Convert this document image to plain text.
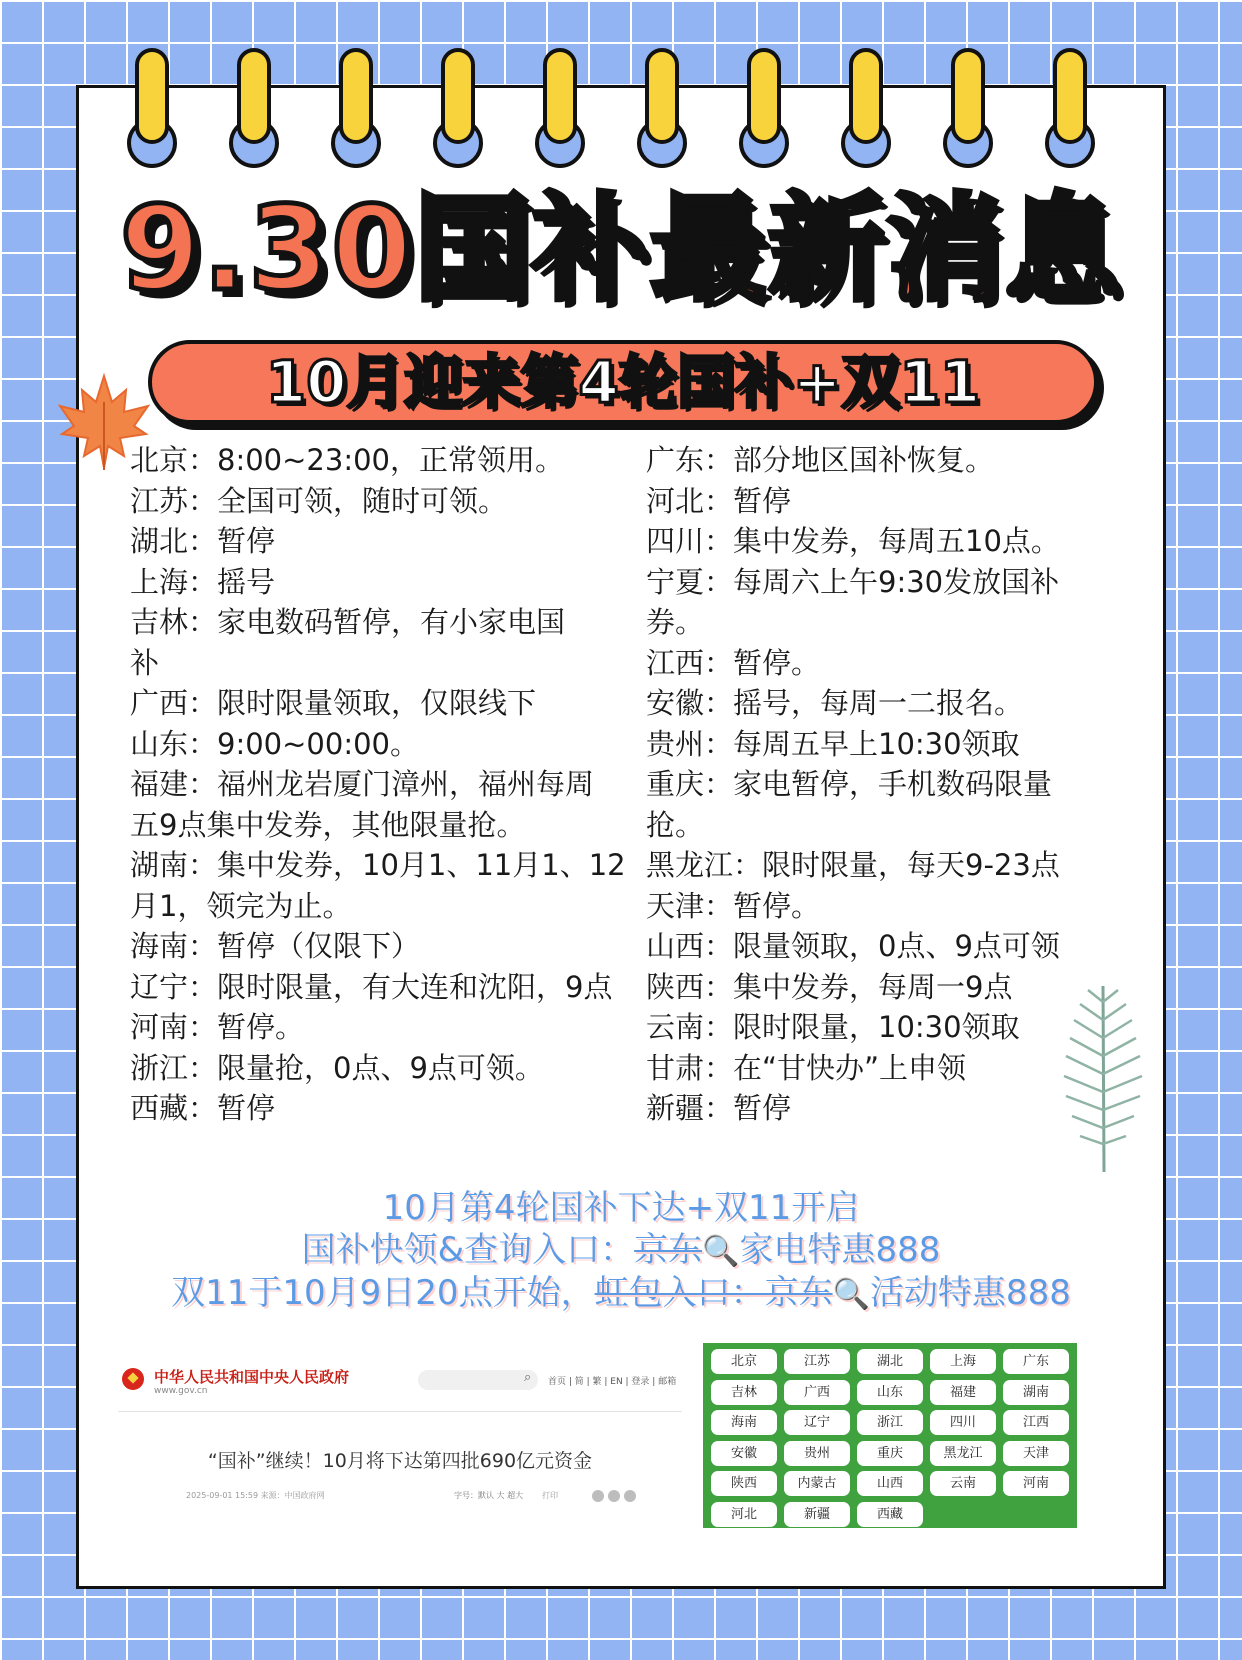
9.30国补最新消息
10月迎来第4轮国补+双11
北京：8:00~23:00，正常领用。
江苏：全国可领，随时可领。
湖北：暂停
上海：摇号
吉林：家电数码暂停，有小家电国补
广西：限时限量领取，仅限线下
山东：9:00~00:00。
福建：福州龙岩厦门漳州，福州每周五9点集中发券，其他限量抢。
湖南：集中发券，10月1、11月1、12月1，领完为止。
海南：暂停（仅限下）
辽宁：限时限量，有大连和沈阳，9点
河南：暂停。
浙江：限量抢，0点、9点可领。
西藏：暂停
广东：部分地区国补恢复。
河北：暂停
四川：集中发券，每周五10点。
宁夏：每周六上午9:30发放国补券。
江西：暂停。
安徽：摇号，每周一二报名。
贵州：每周五早上10:30领取
重庆：家电暂停，手机数码限量抢。
黑龙江：限时限量，每天9-23点
天津：暂停。
山西：限量领取，0点、9点可领
陕西：集中发券，每周一9点
云南：限时限量，10:30领取
甘肃：在“甘快办”上申领
新疆：暂停
10月第4轮国补下达+双11开启
国补快领&查询入口：京东🔍家电特惠888
双11于10月9日20点开始，虹包入口：京东🔍活动特惠888
中华人民共和国中央人民政府
www.gov.cn
⌕ 首页 | 简 | 繁 | EN | 登录 | 邮箱
“国补”继续！10月将下达第四批690亿元资金
2025-09-01 15:59 来源：中国政府网	字号：默认 大 超大 打印
北京	江苏	湖北	上海	广东
吉林	广西	山东	福建	湖南
海南	辽宁	浙江	四川	江西
安徽	贵州	重庆	黑龙江	天津
陕西	内蒙古	山西	云南	河南
河北	新疆	西藏
